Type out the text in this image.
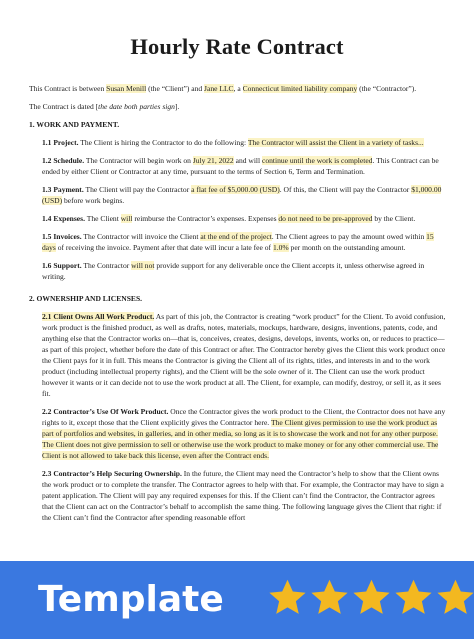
Hourly Rate Contract

This Contract is between Susan Menill (the “Client”) and Jane LLC, a Connecticut limited liability company (the “Contractor”).

The Contract is dated [the date both parties sign].

1. WORK AND PAYMENT.

1.1 Project. The Client is hiring the Contractor to do the following: The Contractor will assist the Client in a variety of tasks...

1.2 Schedule. The Contractor will begin work on July 21, 2022 and will continue until the work is completed. This Contract can be ended by either Client or Contractor at any time, pursuant to the terms of Section 6, Term and Termination.

1.3 Payment. The Client will pay the Contractor a flat fee of $5,000.00 (USD). Of this, the Client will pay the Contractor $1,000.00 (USD) before work begins.

1.4 Expenses. The Client will reimburse the Contractor’s expenses. Expenses do not need to be pre-approved by the Client.

1.5 Invoices. The Contractor will invoice the Client at the end of the project. The Client agrees to pay the amount owed within 15 days of receiving the invoice. Payment after that date will incur a late fee of 1.0% per month on the outstanding amount.

1.6 Support. The Contractor will not provide support for any deliverable once the Client accepts it, unless otherwise agreed in writing.

2. OWNERSHIP AND LICENSES.

2.1 Client Owns All Work Product. As part of this job, the Contractor is creating “work product” for the Client. To avoid confusion, work product is the finished product, as well as drafts, notes, materials, mockups, hardware, designs, inventions, patents, code, and anything else that the Contractor works on—that is, conceives, creates, designs, develops, invents, works on, or reduces to practice—as part of this project, whether before the date of this Contract or after. The Contractor hereby gives the Client this work product once the Client pays for it in full. This means the Contractor is giving the Client all of its rights, titles, and interests in and to the work product (including intellectual property rights), and the Client will be the sole owner of it. The Client can use the work product however it wants or it can decide not to use the work product at all. The Client, for example, can modify, destroy, or sell it, as it sees fit.

2.2 Contractor’s Use Of Work Product. Once the Contractor gives the work product to the Client, the Contractor does not have any rights to it, except those that the Client explicitly gives the Contractor here. The Client gives permission to use the work product as part of portfolios and websites, in galleries, and in other media, so long as it is to showcase the work and not for any other purpose. The Client does not give permission to sell or otherwise use the work product to make money or for any other commercial use. The Client is not allowed to take back this license, even after the Contract ends.

2.3 Contractor’s Help Securing Ownership. In the future, the Client may need the Contractor’s help to show that the Client owns the work product or to complete the transfer. The Contractor agrees to help with that. For example, the Contractor may have to sign a patent application. The Client will pay any required expenses for this. If the Client can’t find the Contractor, the Contractor agrees that the Client can act on the Contractor’s behalf to accomplish the same thing. The following language gives the Client that right: if the Client can’t find the Contractor after spending reasonable effort

Template
